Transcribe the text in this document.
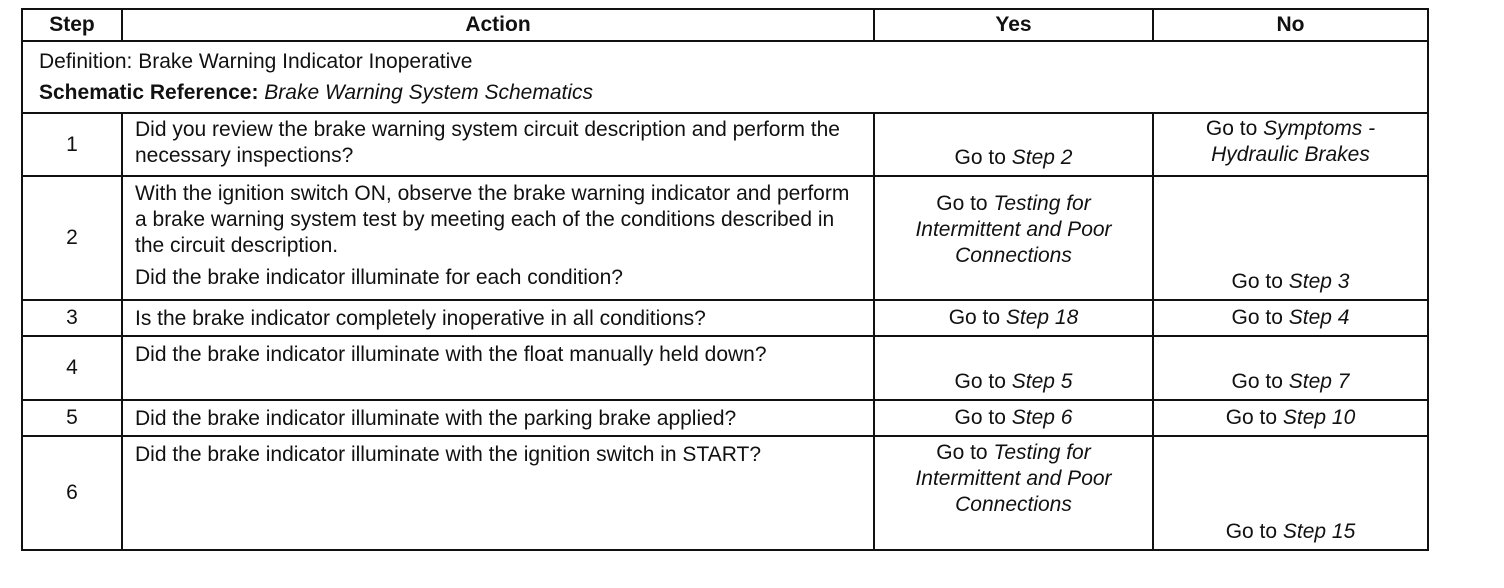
Step	Action	Yes	No

Definition: Brake Warning Indicator Inoperative
Schematic Reference: Brake Warning System Schematics			

1	Did you review the brake warning system circuit description and perform the necessary inspections?	Go to Step 2	Go to Symptoms - Hydraulic Brakes

2	With the ignition switch ON, observe the brake warning indicator and perform a brake warning system test by meeting each of the conditions described in the circuit description.
Did the brake indicator illuminate for each condition?	Go to Testing for Intermittent and Poor Connections	Go to Step 3

3	Is the brake indicator completely inoperative in all conditions?	Go to Step 18	Go to Step 4

4	Did the brake indicator illuminate with the float manually held down?	Go to Step 5	Go to Step 7

5	Did the brake indicator illuminate with the parking brake applied?	Go to Step 6	Go to Step 10

6	Did the brake indicator illuminate with the ignition switch in START?	Go to Testing for Intermittent and Poor Connections	Go to Step 15
